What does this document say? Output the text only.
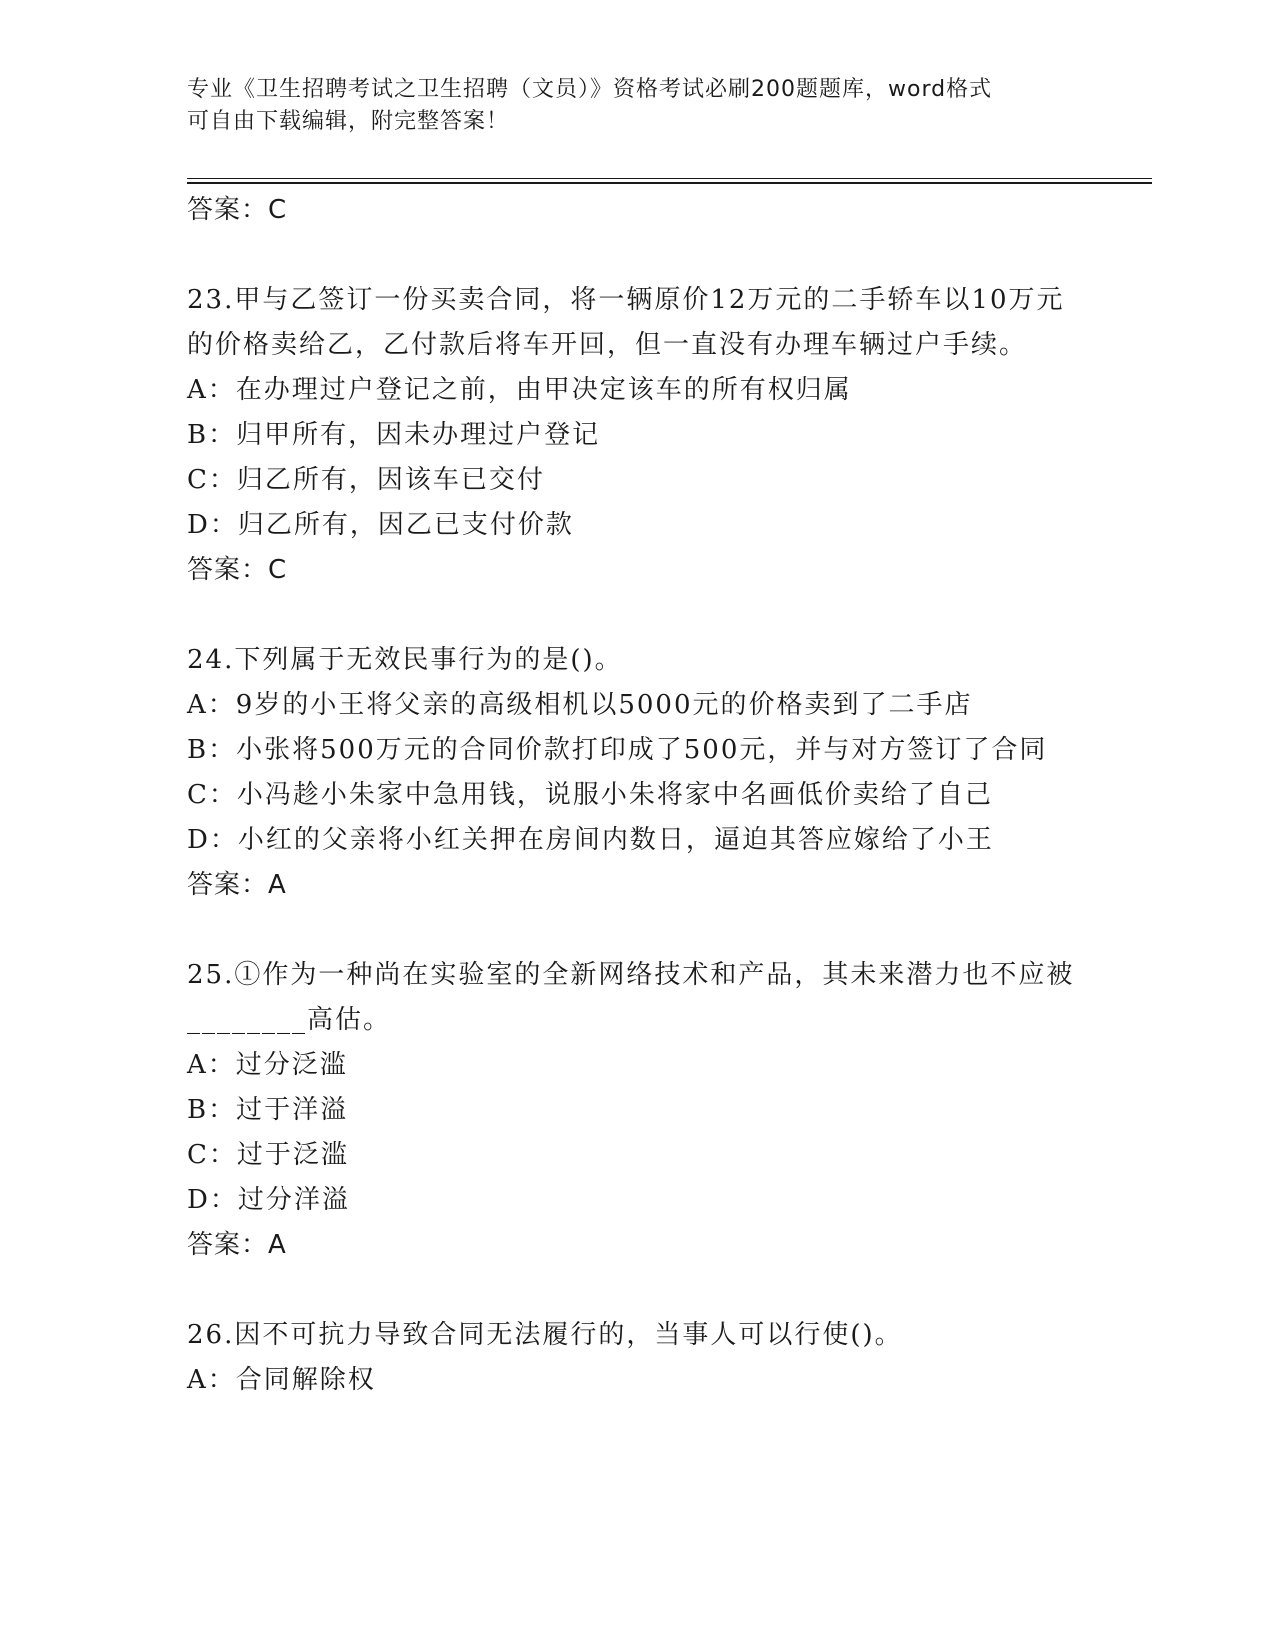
专业《卫生招聘考试之卫生招聘（文员）》资格考试必刷200题题库，word格式
可自由下载编辑，附完整答案！
答案：C
23.甲与乙签订一份买卖合同，将一辆原价12万元的二手轿车以10万元的价格卖给乙，乙付款后将车开回，但一直没有办理车辆过户手续。
A：在办理过户登记之前，由甲决定该车的所有权归属
B：归甲所有，因未办理过户登记
C：归乙所有，因该车已交付
D：归乙所有，因乙已支付价款
答案：C
24.下列属于无效民事行为的是()。
A：9岁的小王将父亲的高级相机以5000元的价格卖到了二手店
B：小张将500万元的合同价款打印成了500元，并与对方签订了合同
C：小冯趁小朱家中急用钱，说服小朱将家中名画低价卖给了自己
D：小红的父亲将小红关押在房间内数日，逼迫其答应嫁给了小王
答案：A
25.①作为一种尚在实验室的全新网络技术和产品，其未来潜力也不应被________高估。
A：过分泛滥
B：过于洋溢
C：过于泛滥
D：过分洋溢
答案：A
26.因不可抗力导致合同无法履行的，当事人可以行使()。
A：合同解除权
